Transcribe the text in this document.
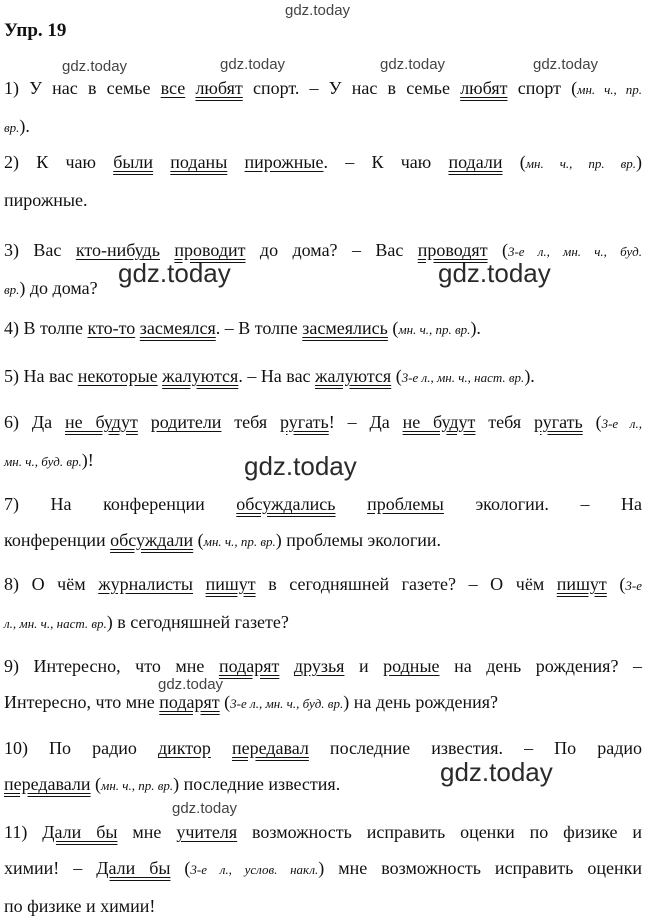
Упр. 19
1) У нас в семье все любят спорт. – У нас в семье любят спорт (мн. ч., пр.
вр.).
2) К чаю были поданы пирожные. – К чаю подали (мн. ч., пр. вр.)
пирожные.
3) Вас кто-нибудь проводит до дома? – Вас проводят (3-е л., мн. ч., буд.
вр.) до дома?
4) В толпе кто-то засмеялся. – В толпе засмеялись (мн. ч., пр. вр.).
5) На вас некоторые жалуются. – На вас жалуются (3-е л., мн. ч., наст. вр.).
6) Да не будут родители тебя ругать! – Да не будут тебя ругать (3-е л.,
мн. ч., буд. вр.)!
7) На конференции обсуждались проблемы экологии. – На
конференции обсуждали (мн. ч., пр. вр.) проблемы экологии.
8) О чём журналисты пишут в сегодняшней газете? – О чём пишут (3-е
л., мн. ч., наст. вр.) в сегодняшней газете?
9) Интересно, что мне подарят друзья и родные на день рождения? –
Интересно, что мне подарят (3-е л., мн. ч., буд. вр.) на день рождения?
10) По радио диктор передавал последние известия. – По радио
передавали (мн. ч., пр. вр.) последние известия.
11) Дали бы мне учителя возможность исправить оценки по физике и
химии! – Дали бы (3-е л., услов. накл.) мне возможность исправить оценки
по физике и химии!
gdz.today
gdz.today	gdz.today	gdz.today	gdz.today
gdz.today	gdz.today
gdz.today
gdz.today
gdz.today
gdz.today
